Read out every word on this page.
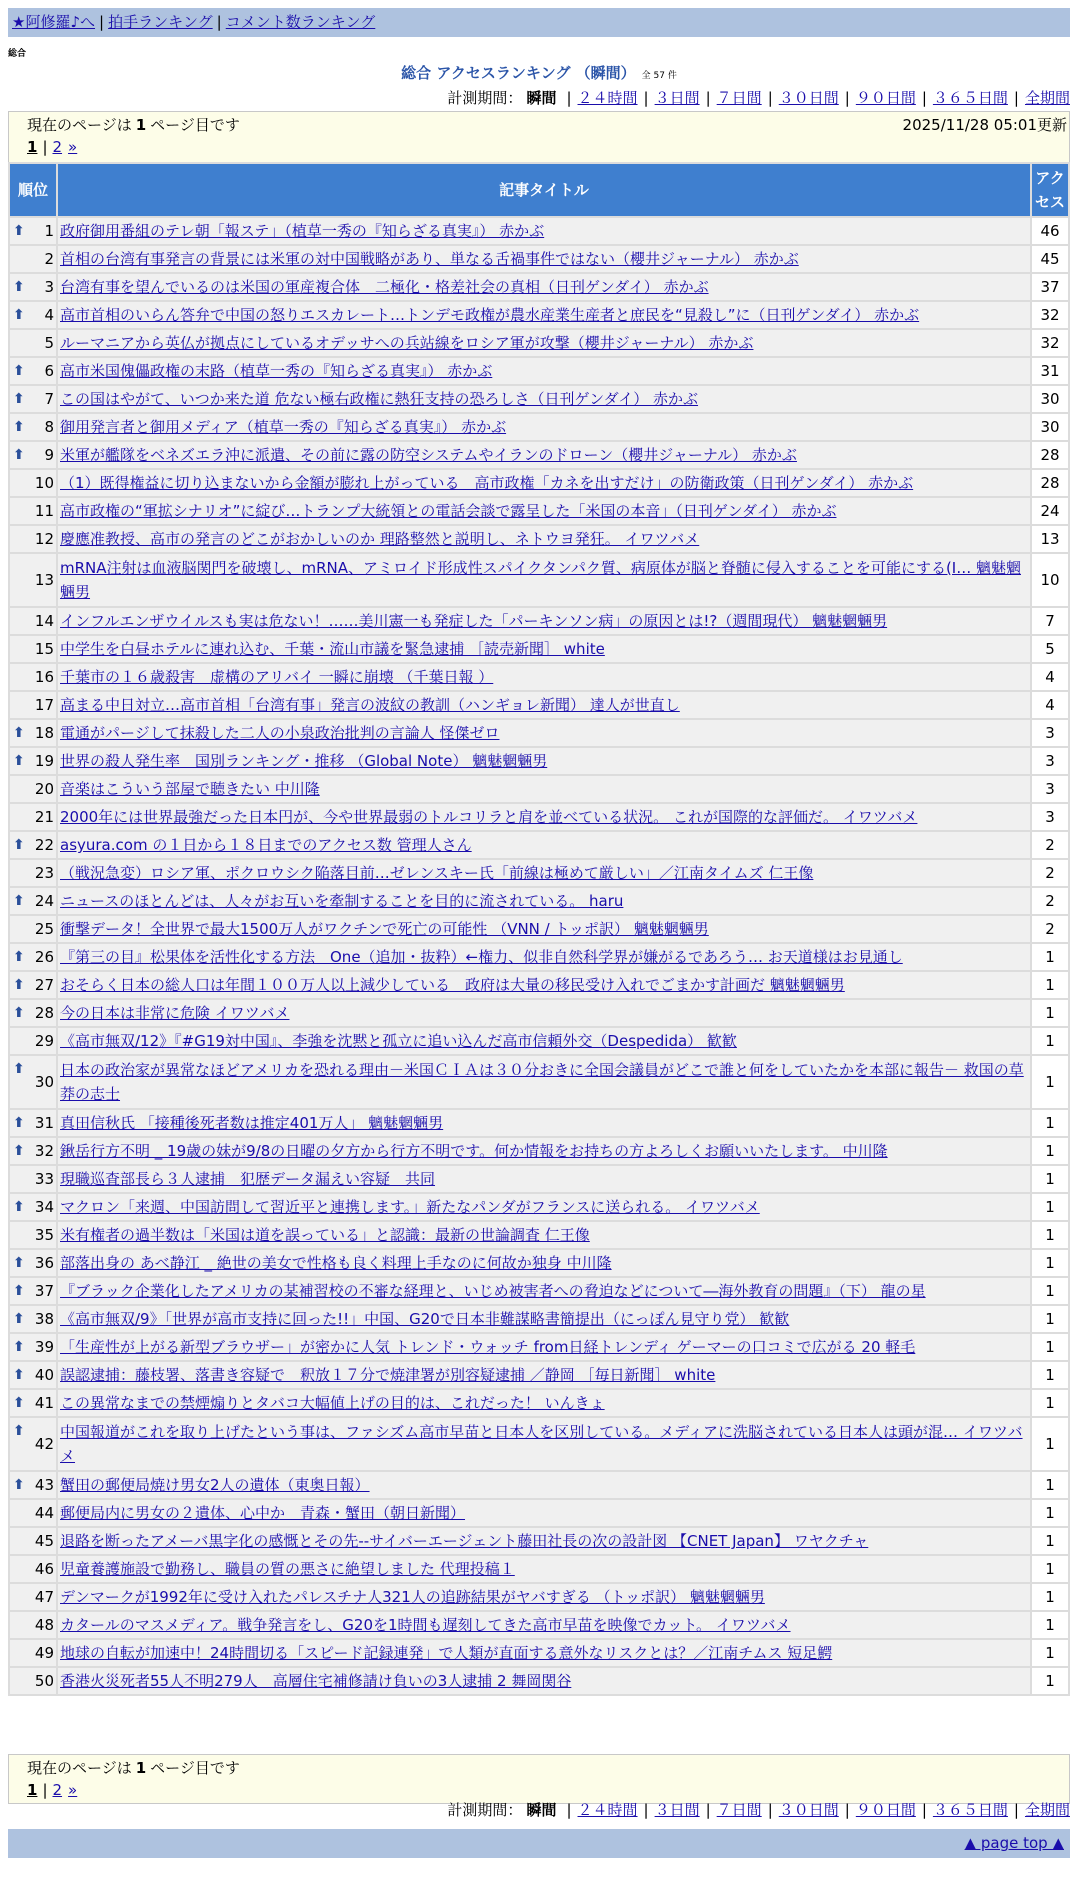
★阿修羅♪へ | 拍手ランキング | コメント数ランキング
総合
総合 アクセスランキング （瞬間） 全 57 件
計測期間： 瞬間 | ２４時間 | ３日間 | ７日間 | ３０日間 | ９０日間 | ３６５日間 | 全期間
現在のページは 1 ページ目です	2025/11/28 05:01更新
1 | 2 »
順位	記事タイトル	アクセス

⬆ 1	政府御用番組のテレ朝「報ステ」（植草一秀の『知らざる真実』） 赤かぶ	46
2	首相の台湾有事発言の背景には米軍の対中国戦略があり、単なる舌禍事件ではない（櫻井ジャーナル） 赤かぶ	45

⬆ 3	台湾有事を望んでいるのは米国の軍産複合体　二極化・格差社会の真相（日刊ゲンダイ） 赤かぶ	37

⬆ 4	高市首相のいらん答弁で中国の怒りエスカレート…トンデモ政権が農水産業生産者と庶民を“見殺し”に（日刊ゲンダイ） 赤かぶ	32
5	ルーマニアから英仏が拠点にしているオデッサへの兵站線をロシア軍が攻撃（櫻井ジャーナル） 赤かぶ	32

⬆ 6	高市米国傀儡政権の末路（植草一秀の『知らざる真実』） 赤かぶ	31

⬆ 7	この国はやがて、いつか来た道 危ない極右政権に熱狂支持の恐ろしさ（日刊ゲンダイ） 赤かぶ	30

⬆ 8	御用発言者と御用メディア（植草一秀の『知らざる真実』） 赤かぶ	30

⬆ 9	米軍が艦隊をベネズエラ沖に派遣、その前に露の防空システムやイランのドローン（櫻井ジャーナル） 赤かぶ	28
10	（1）既得権益に切り込まないから金額が膨れ上がっている　高市政権「カネを出すだけ」の防衛政策（日刊ゲンダイ） 赤かぶ	28
11	高市政権の“軍拡シナリオ”に綻び…トランプ大統領との電話会談で露呈した「米国の本音」（日刊ゲンダイ） 赤かぶ	24
12	慶應准教授、高市の発言のどこがおかしいのか 理路整然と説明し、ネトウヨ発狂。 イワツバメ	13
13	mRNA注射は血液脳関門を破壊し、mRNA、アミロイド形成性スパイクタンパク質、病原体が脳と脊髄に侵入することを可能にする(I… 魑魅魍魎男	10
14	インフルエンザウイルスも実は危ない！……美川憲一も発症した「パーキンソン病」の原因とは!?（週間現代） 魑魅魍魎男	7
15	中学生を白昼ホテルに連れ込む、千葉・流山市議を緊急逮捕 ［読売新聞］ white	5
16	千葉市の１６歳殺害　虚構のアリバイ 一瞬に崩壊 （千葉日報 ）	4
17	高まる中日対立…高市首相「台湾有事」発言の波紋の教訓（ハンギョレ新聞） 達人が世直し	4

⬆ 18	電通がパージして抹殺した二人の小泉政治批判の言論人 怪傑ゼロ	3

⬆ 19	世界の殺人発生率　国別ランキング・推移 （Global Note） 魑魅魍魎男	3
20	音楽はこういう部屋で聴きたい 中川隆	3
21	2000年には世界最強だった日本円が、今や世界最弱のトルコリラと肩を並べている状況。 これが国際的な評価だ。 イワツバメ	3

⬆ 22	asyura.com の１日から１８日までのアクセス数 管理人さん	2
23	（戦況急変）ロシア軍、ポクロウシク陥落目前…ゼレンスキー氏「前線は極めて厳しい」／江南タイムズ 仁王像	2

⬆ 24	ニュースのほとんどは、人々がお互いを牽制することを目的に流されている。 haru	2
25	衝撃データ！全世界で最大1500万人がワクチンで死亡の可能性 （VNN / トッポ訳） 魑魅魍魎男	2

⬆ 26	『第三の目』松果体を活性化する方法　One（追加・抜粋）←権力、似非自然科学界が嫌がるであろう… お天道様はお見通し	1

⬆ 27	おそらく日本の総人口は年間１００万人以上減少している　政府は大量の移民受け入れでごまかす計画だ 魑魅魍魎男	1

⬆ 28	今の日本は非常に危険 イワツバメ	1
29	《高市無双/12》『#G19対中国』、李強を沈黙と孤立に追い込んだ高市信頼外交（Despedida） 歓歓	1

⬆
30	日本の政治家が異常なほどアメリカを恐れる理由－米国ＣＩＡは３０分おきに全国会議員がどこで誰と何をしていたかを本部に報告－ 救国の草莽の志士	1

⬆ 31	真田信秋氏 「接種後死者数は推定401万人」 魑魅魍魎男	1

⬆ 32	鍬岳行方不明 _ 19歳の妹が9/8の日曜の夕方から行方不明です。何か情報をお持ちの方よろしくお願いいたします。 中川隆	1
33	現職巡査部長ら３人逮捕　犯歴データ漏えい容疑　共同	1

⬆ 34	マクロン「来週、中国訪問して習近平と連携します。」新たなパンダがフランスに送られる。 イワツバメ	1
35	米有権者の過半数は「米国は道を誤っている」と認識：最新の世論調査 仁王像	1

⬆ 36	部落出身の あべ静江 _ 絶世の美女で性格も良く料理上手なのに何故か独身 中川隆	1

⬆ 37	『ブラック企業化したアメリカの某補習校の不審な経理と、いじめ被害者への脅迫などについて―海外教育の問題』（下） 龍の星	1

⬆ 38	《高市無双/9》「世界が高市支持に回った!!」中国、G20で日本非難謀略書簡提出（にっぽん見守り党） 歓歓	1

⬆ 39	「生産性が上がる新型ブラウザー」が密かに人気 トレンド・ウォッチ from日経トレンディ ゲーマーの口コミで広がる 20 軽毛	1

⬆ 40	誤認逮捕：藤枝署、落書き容疑で　釈放１７分で焼津署が別容疑逮捕 ／静岡 ［毎日新聞］ white	1

⬆ 41	この異常なまでの禁煙煽りとタバコ大幅値上げの目的は、これだった！ いんきょ	1

⬆
42	中国報道がこれを取り上げたという事は、ファシズム高市早苗と日本人を区別している。メディアに洗脳されている日本人は頭が混… イワツバメ	1

⬆ 43	蟹田の郵便局焼け男女2人の遺体（東奥日報）	1
44	郵便局内に男女の２遺体、心中か　青森・蟹田（朝日新聞）	1
45	退路を断ったアメーバ黒字化の感慨とその先--サイバーエージェント藤田社長の次の設計図 【CNET Japan】 ワヤクチャ	1
46	児童養護施設で勤務し、職員の質の悪さに絶望しました 代理投稿１	1
47	デンマークが1992年に受け入れたパレスチナ人321人の追跡結果がヤバすぎる （トッポ訳） 魑魅魍魎男	1
48	カタールのマスメディア。戦争発言をし、G20を1時間も遅刻してきた高市早苗を映像でカット。 イワツバメ	1
49	地球の自転が加速中！24時間切る「スピード記録連発」で人類が直面する意外なリスクとは？／江南チムス 短足鰐	1
50	香港火災死者55人不明279人　高層住宅補修請け負いの3人逮捕 2 舞岡関谷	1
現在のページは 1 ページ目です
1 | 2 »
計測期間： 瞬間 | ２４時間 | ３日間 | ７日間 | ３０日間 | ９０日間 | ３６５日間 | 全期間
▲ page top ▲
